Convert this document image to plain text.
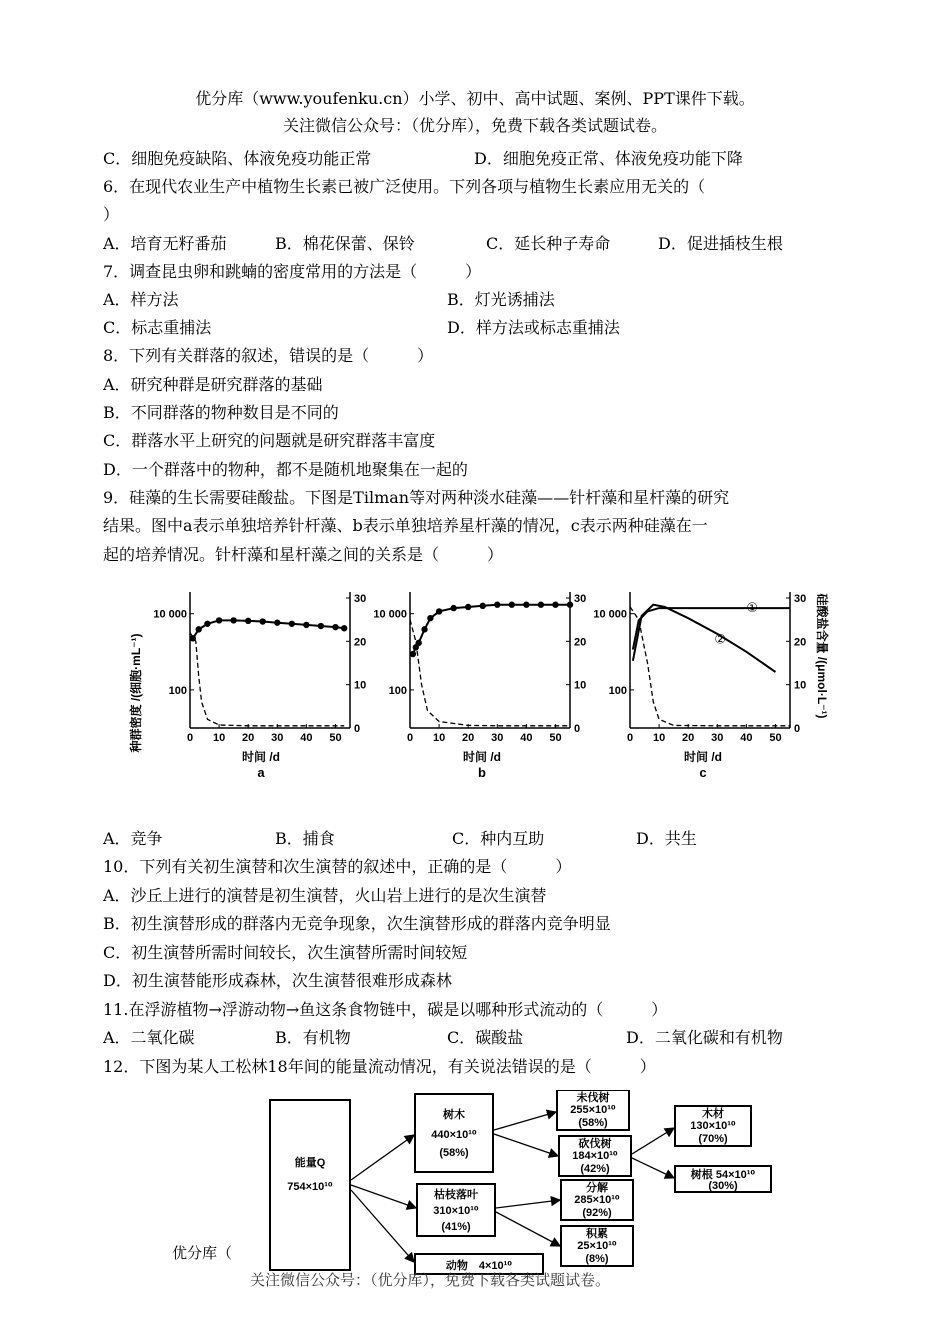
优分库（www.youfenku.cn）小学、初中、高中试题、案例、PPT课件下载。
关注微信公众号：（优分库），免费下载各类试题试卷。
C．细胞免疫缺陷、体液免疫功能正常	D．细胞免疫正常、体液免疫功能下降
6．在现代农业生产中植物生长素已被广泛使用。下列各项与植物生长素应用无关的（
）
A．培育无籽番茄	B．棉花保蕾、保铃	C．延长种子寿命	D．促进插枝生根
7．调查昆虫卵和跳蝻的密度常用的方法是（　　　）
A．样方法	B．灯光诱捕法
C．标志重捕法	D．样方法或标志重捕法
8．下列有关群落的叙述，错误的是（　　　）
A．研究种群是研究群落的基础
B．不同群落的物种数目是不同的
C．群落水平上研究的问题就是研究群落丰富度
D．一个群落中的物种，都不是随机地聚集在一起的
9．硅藻的生长需要硅酸盐。下图是Tilman等对两种淡水硅藻——针杆藻和星杆藻的研究
结果。图中a表示单独培养针杆藻、b表示单独培养星杆藻的情况，c表示两种硅藻在一
起的培养情况。针杆藻和星杆藻之间的关系是（　　　）
0 10 20 30 40 50
100
10 000
0
10
20
30
0 10 20 30 40 50
100
10 000
0
10
20
30
0 10 20 30 40 50
100
10 000
0
10
20
30
①
②
种群密度 /(细胞·mL⁻¹)	硅酸盐含量 /(μmol·L⁻¹)
时间 /d	时间 /d	时间 /d
a	b	c
A．竞争	B．捕食	C．种内互助	D．共生
10．下列有关初生演替和次生演替的叙述中，正确的是（　　　）
A．沙丘上进行的演替是初生演替，火山岩上进行的是次生演替
B．初生演替形成的群落内无竞争现象，次生演替形成的群落内竞争明显
C．初生演替所需时间较长，次生演替所需时间较短
D．初生演替能形成森林，次生演替很难形成森林
11.在浮游植物→浮游动物→鱼这条食物链中，碳是以哪种形式流动的（　　　）
A．二氧化碳	B．有机物	C．碳酸盐	D．二氧化碳和有机物
12．下图为某人工松林18年间的能量流动情况，有关说法错误的是（　　　）
能量Q
754×10¹⁰
树木
440×10¹⁰
(58%)
枯枝落叶
310×10¹⁰
(41%)
动物　4×10¹⁰
未伐树
255×10¹⁰
(58%)
砍伐树
184×10¹⁰
(42%)
分解
285×10¹⁰
(92%)
积累
25×10¹⁰
(8%)
木材
130×10¹⁰
(70%)
树根 54×10¹⁰
(30%)
优分库（
关注微信公众号：（优分库），免费下载各类试题试卷。
